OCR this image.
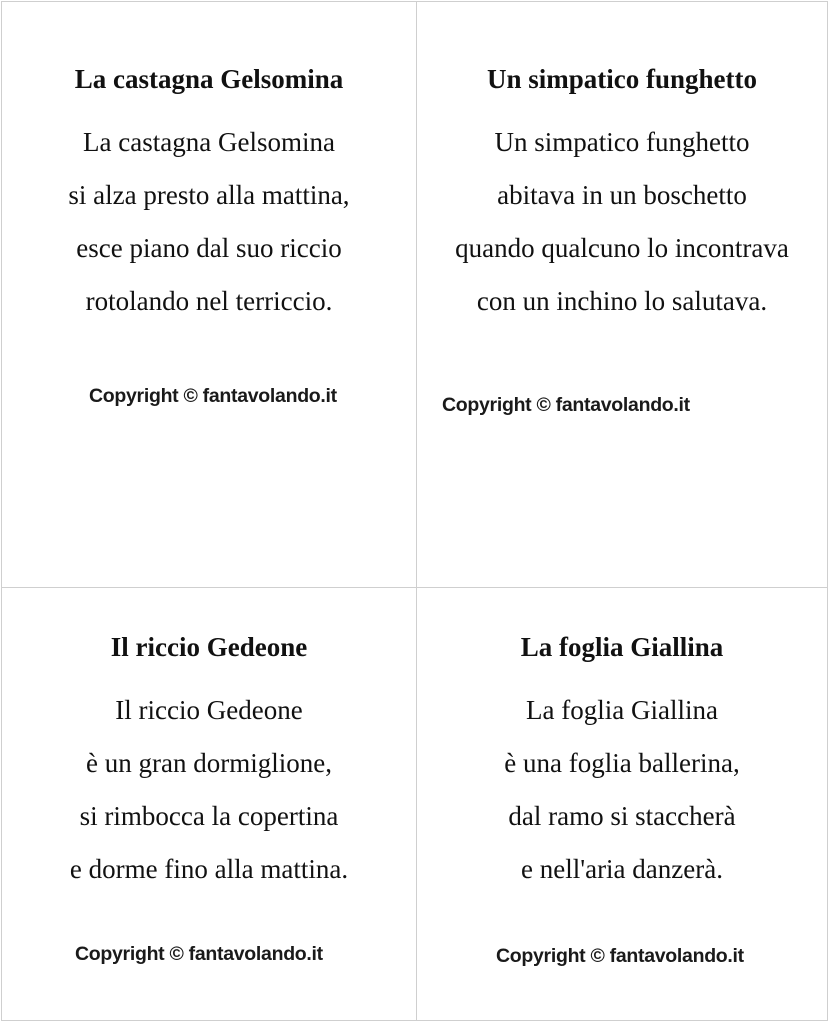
La castagna Gelsomina
La castagna Gelsomina
si alza presto alla mattina,
esce piano dal suo riccio
rotolando nel terriccio.
Copyright © fantavolando.it
Un simpatico funghetto
Un simpatico funghetto
abitava in un boschetto
quando qualcuno lo incontrava
con un inchino lo salutava.
Copyright © fantavolando.it
Il riccio Gedeone
Il riccio Gedeone
è un gran dormiglione,
si rimbocca la copertina
e dorme fino alla mattina.
Copyright © fantavolando.it
La foglia Giallina
La foglia Giallina
è una foglia ballerina,
dal ramo si staccherà
e nell'aria danzerà.
Copyright © fantavolando.it
